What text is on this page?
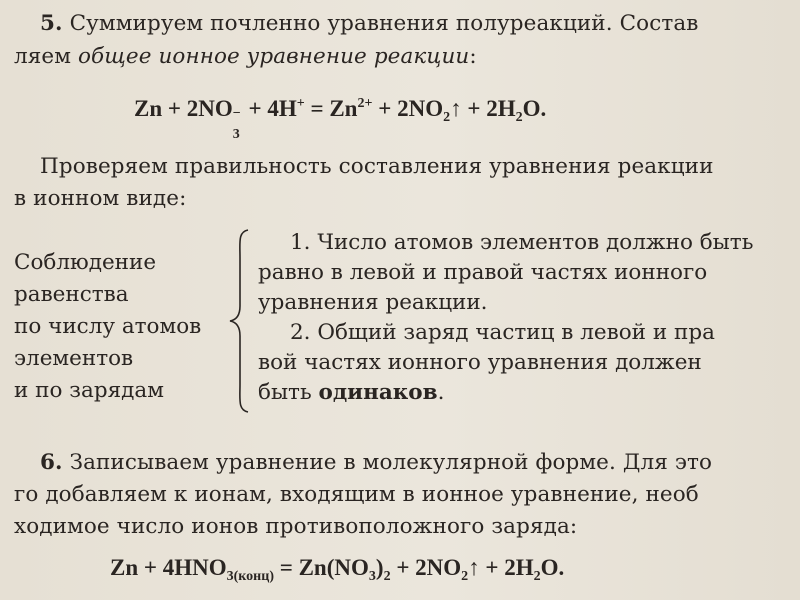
5. Суммируем почленно уравнения полуреакций. Состав
ляем общее ионное уравнение реакции:
Zn + 2NO −
3
+ $4H^+ = Zn^{2+}$ + $2NO_2↑ + 2H_2O$.
Проверяем правильность составления уравнения реакции
в ионном виде:
Соблюдение
равенства
по числу атомов
элементов
и по зарядам
1. Число атомов элементов должно быть
равно в левой и правой частях ионного
уравнения реакции.
2. Общий заряд частиц в левой и пра
вой частях ионного уравнения должен
быть одинаков.
6. Записываем уравнение в молекулярной форме. Для это
го добавляем к ионам, входящим в ионное уравнение, необ
ходимое число ионов противоположного заряда:
$Zn + 4HNO_{3(конц)} = Zn(NO_3)_2$ + $2NO_2↑ + 2H_2O$.
